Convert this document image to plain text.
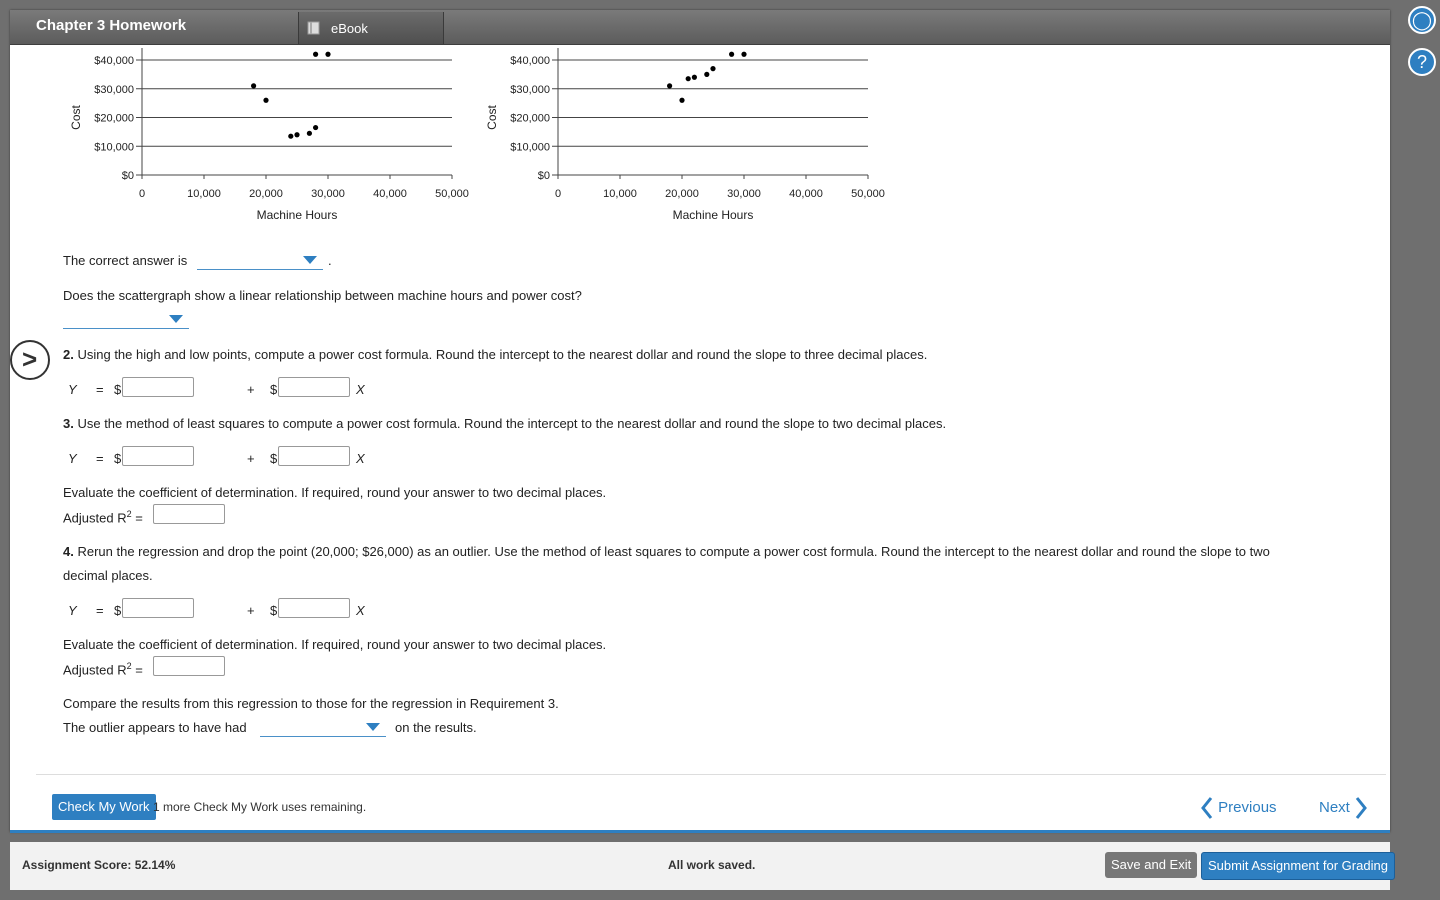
Chapter 3 Homework	eBook
$40,000
$30,000
$20,000
$10,000
$0
0	10,000	20,000	30,000	40,000	50,000
Machine Hours
Cost
$40,000
$30,000
$20,000
$10,000
$0
0	10,000	20,000	30,000	40,000	50,000
Machine Hours
Cost
The correct answer is	.
Does the scattergraph show a linear relationship between machine hours and power cost?
> 2. Using the high and low points, compute a power cost formula. Round the intercept to the nearest dollar and round the slope to three decimal places.
Y = $	+ $	X
3. Use the method of least squares to compute a power cost formula. Round the intercept to the nearest dollar and round the slope to two decimal places.
Y = $	+ $	X
Evaluate the coefficient of determination. If required, round your answer to two decimal places.
Adjusted $R^2$ =
4. Rerun the regression and drop the point (20,000; $26,000) as an outlier. Use the method of least squares to compute a power cost formula. Round the intercept to the nearest dollar and round the slope to two
decimal places.
Y = $	+ $	X
Evaluate the coefficient of determination. If required, round your answer to two decimal places.
Adjusted $R^2$ =
Compare the results from this regression to those for the regression in Requirement 3.
The outlier appears to have had	on the results.
Check My Work 1 more Check My Work uses remaining.	Previous	Next
Assignment Score: 52.14%	All work saved.	Save and Exit	Submit Assignment for Grading
◯
?
